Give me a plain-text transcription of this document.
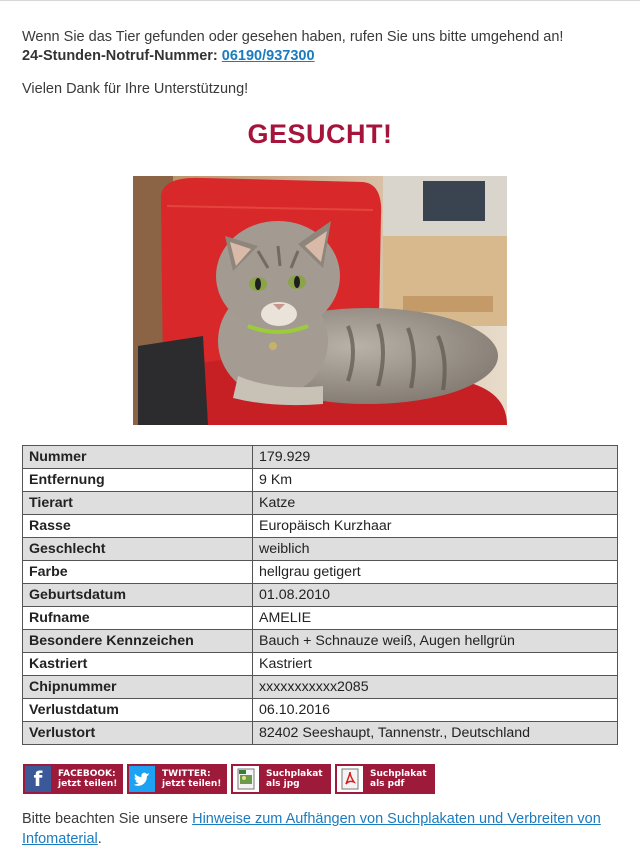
Wenn Sie das Tier gefunden oder gesehen haben, rufen Sie uns bitte umgehend an!
24-Stunden-Notruf-Nummer: 06190/937300
Vielen Dank für Ihre Unterstützung!
GESUCHT!
Nummer	179.929
Entfernung	9 Km
Tierart	Katze
Rasse	Europäisch Kurzhaar
Geschlecht	weiblich
Farbe	hellgrau getigert
Geburtsdatum	01.08.2010
Rufname	AMELIE
Besondere Kennzeichen	Bauch + Schnauze weiß, Augen hellgrün
Kastriert	Kastriert
Chipnummer	xxxxxxxxxxx2085
Verlustdatum	06.10.2016
Verlustort	82402 Seeshaupt, Tannenstr., Deutschland
f FACEBOOK:
jetzt teilen!
TWITTER:
jetzt teilen!
Suchplakat
als jpg
Suchplakat
als pdf
Bitte beachten Sie unsere Hinweise zum Aufhängen von Suchplakaten und Verbreiten von Infomaterial.
